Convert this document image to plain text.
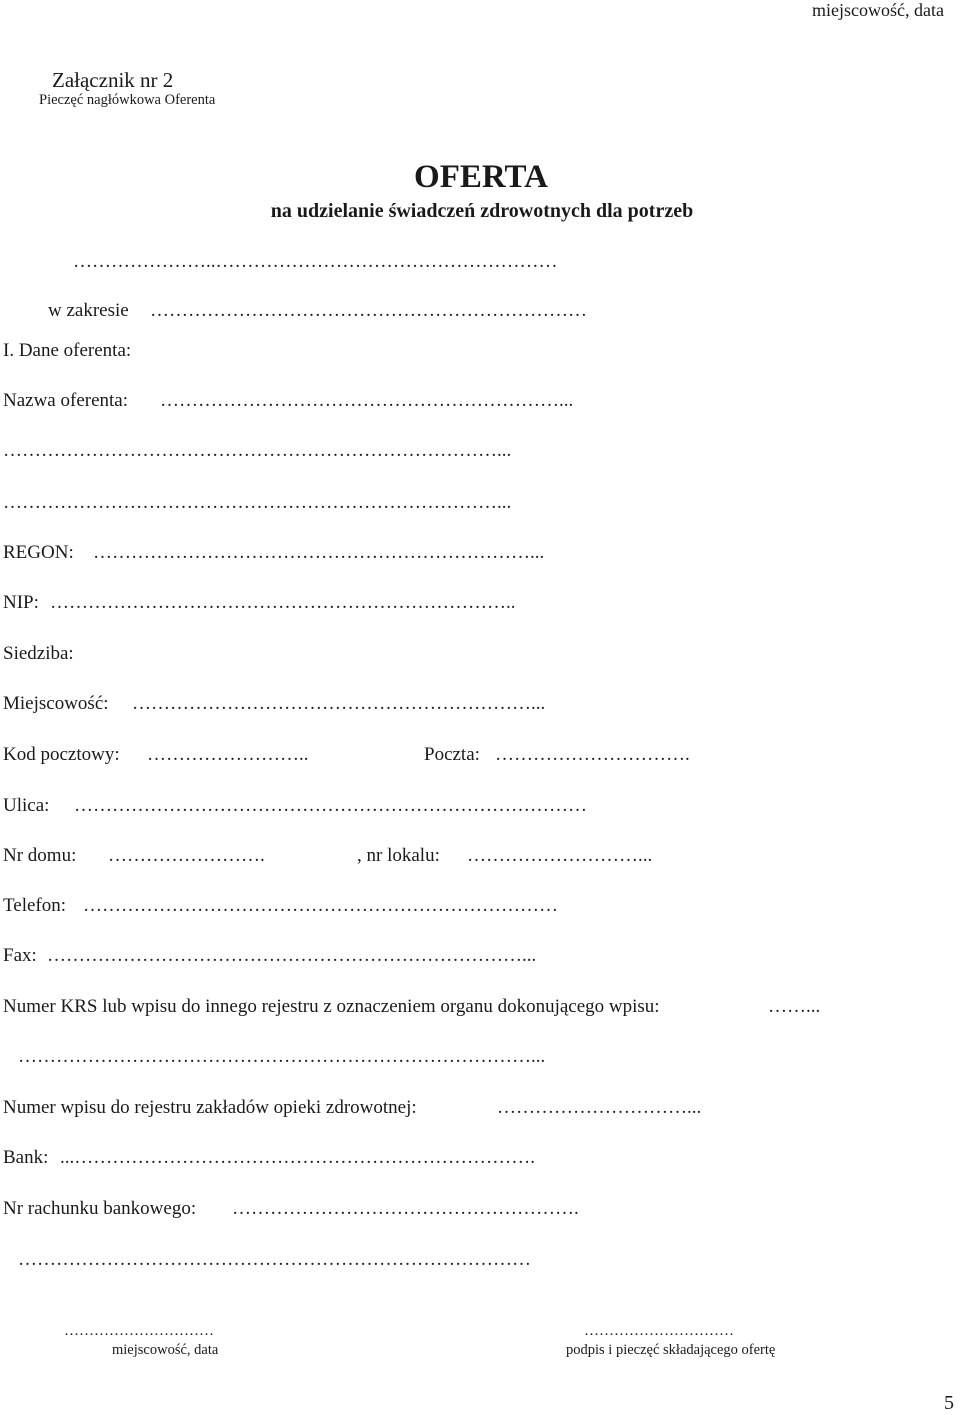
miejscowość, data
Załącznik nr 2
Pieczęć nagłówkowa Oferenta
OFERTA
na udzielanie świadczeń zdrowotnych dla potrzeb
…………………..………………………………………………
w zakresie ……………………………………………………………
I. Dane oferenta:
Nazwa oferenta: ………………………………………………………...
……………………………………………………………………...
……………………………………………………………………...
REGON: ……………………………………………………………...
NIP: ………………………………………………………………..
Siedziba:
Miejscowość: ………………………………………………………...
Kod pocztowy: ……………………..	Poczta: ………………………….
Ulica: ………………………………………………………………………
Nr domu: …………………….	, nr lokalu: ………………………...
Telefon: …………………………………………………………………
Fax: …………………………………………………………………...
Numer KRS lub wpisu do innego rejestru z oznaczeniem organu dokonującego wpisu:	……...
………………………………………………………………………...
Numer wpisu do rejestru zakładów opieki zdrowotnej:	…………………………...
Bank: ...……………………………………………………………….
Nr rachunku bankowego: ……………………………………………….
………………………………………………………………………
…………………………
miejscowość, data
…………………………
podpis i pieczęć składającego ofertę
5
